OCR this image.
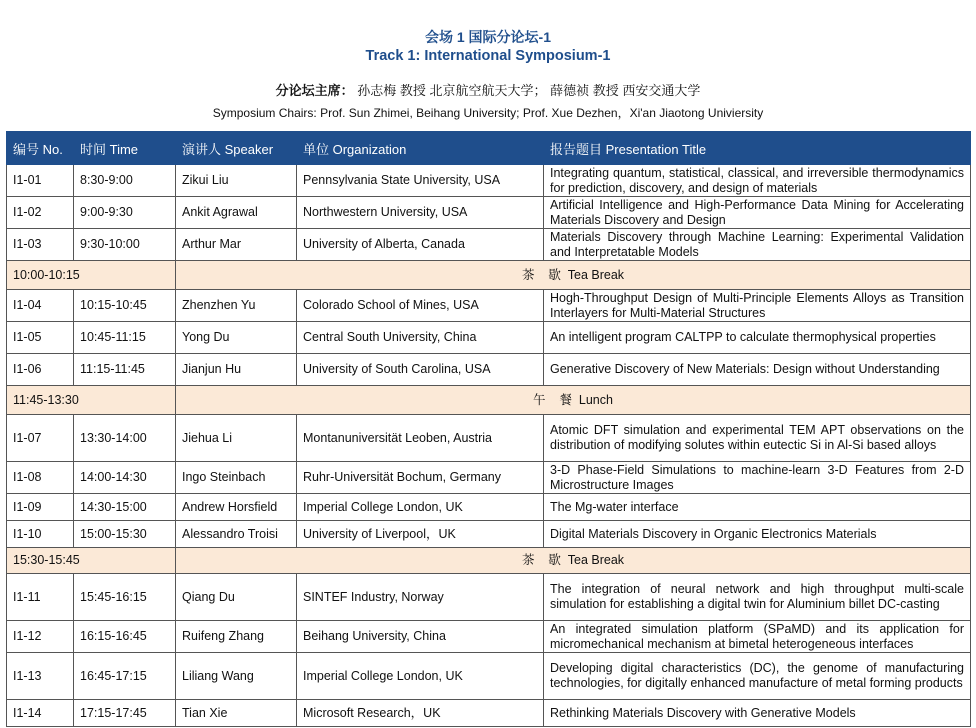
会场 1 国际分论坛-1
Track 1: International Symposium-1
分论坛主席： 孙志梅 教授 北京航空航天大学； 薛德祯 教授 西安交通大学
Symposium Chairs: Prof. Sun Zhimei, Beihang University; Prof. Xue Dezhen，Xi'an Jiaotong Univiersity
编号 No.	时间 Time	演讲人 Speaker	单位 Organization	报告题目 Presentation Title
I1-01	8:30-9:00	Zikui Liu	Pennsylvania State University, USA	Integrating quantum, statistical, classical, and irreversible thermodynamics for prediction, discovery, and design of materials
I1-02	9:00-9:30	Ankit Agrawal	Northwestern University, USA	Artificial Intelligence and High-Performance Data Mining for Accelerating Materials Discovery and Design
I1-03	9:30-10:00	Arthur Mar	University of Alberta, Canada	Materials Discovery through Machine Learning: Experimental Validation and Interpretatable Models
10:00-10:15		茶    歇  Tea Break		
I1-04	10:15-10:45	Zhenzhen Yu	Colorado School of Mines, USA	Hogh-Throughput Design of Multi-Principle Elements Alloys as Transition Interlayers for Multi-Material Structures
I1-05	10:45-11:15	Yong Du	Central South University, China	An intelligent program CALTPP to calculate thermophysical properties
I1-06	11:15-11:45	Jianjun Hu	University of South Carolina, USA	Generative Discovery of New Materials: Design without Understanding
11:45-13:30		午    餐  Lunch		
I1-07	13:30-14:00	Jiehua Li	Montanuniversität Leoben, Austria	Atomic DFT simulation and experimental TEM APT observations on the distribution of modifying solutes within eutectic Si in Al-Si based alloys
I1-08	14:00-14:30	Ingo Steinbach	Ruhr-Universität Bochum, Germany	3-D Phase-Field Simulations to machine-learn 3-D Features from 2-D Microstructure Images
I1-09	14:30-15:00	Andrew Horsfield	Imperial College London, UK	The Mg-water interface
I1-10	15:00-15:30	Alessandro Troisi	University of Liverpool，UK	Digital Materials Discovery in Organic Electronics Materials
15:30-15:45		茶    歇  Tea Break		
I1-11	15:45-16:15	Qiang Du	SINTEF Industry, Norway	The integration of neural network and high throughput multi-scale simulation for establishing a digital twin for Aluminium billet DC-casting
I1-12	16:15-16:45	Ruifeng Zhang	Beihang University, China	An integrated simulation platform (SPaMD) and its application for micromechanical mechanism at bimetal heterogeneous interfaces
I1-13	16:45-17:15	Liliang Wang	Imperial College London, UK	Developing digital characteristics (DC), the genome of manufacturing technologies, for digitally enhanced manufacture of metal forming products
I1-14	17:15-17:45	Tian Xie	Microsoft Research，UK	Rethinking Materials Discovery with Generative Models
